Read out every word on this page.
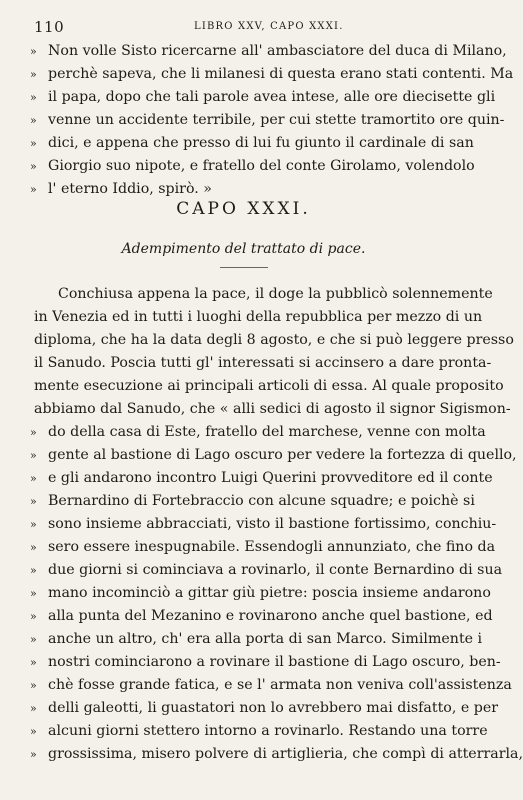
110	LIBRO XXV, CAPO XXXI.
» Non volle Sisto ricercarne all' ambasciatore del duca di Milano,
» perchè sapeva, che li milanesi di questa erano stati contenti. Ma
» il papa, dopo che tali parole avea intese, alle ore diecisette gli
» venne un accidente terribile, per cui stette tramortito ore quin-
» dici, e appena che presso di lui fu giunto il cardinale di san
» Giorgio suo nipote, e fratello del conte Girolamo, volendolo
» l' eterno Iddio, spirò. »
CAPO XXXI.
Adempimento del trattato di pace.
Conchiusa appena la pace, il doge la pubblicò solennemente
in Venezia ed in tutti i luoghi della repubblica per mezzo di un
diploma, che ha la data degli 8 agosto, e che si può leggere presso
il Sanudo. Poscia tutti gl' interessati si accinsero a dare pronta-
mente esecuzione ai principali articoli di essa. Al quale proposito
abbiamo dal Sanudo, che « alli sedici di agosto il signor Sigismon-
» do della casa di Este, fratello del marchese, venne con molta
» gente al bastione di Lago oscuro per vedere la fortezza di quello,
» e gli andarono incontro Luigi Querini provveditore ed il conte
» Bernardino di Fortebraccio con alcune squadre; e poichè si
» sono insieme abbracciati, visto il bastione fortissimo, conchiu-
» sero essere inespugnabile. Essendogli annunziato, che fino da
» due giorni si cominciava a rovinarlo, il conte Bernardino di sua
» mano incominciò a gittar giù pietre: poscia insieme andarono
» alla punta del Mezanino e rovinarono anche quel bastione, ed
» anche un altro, ch' era alla porta di san Marco. Similmente i
» nostri cominciarono a rovinare il bastione di Lago oscuro, ben-
» chè fosse grande fatica, e se l' armata non veniva coll'assistenza
» delli galeotti, li guastatori non lo avrebbero mai disfatto, e per
» alcuni giorni stettero intorno a rovinarlo. Restando una torre
» grossissima, misero polvere di artiglieria, che compì di atterrarla,
